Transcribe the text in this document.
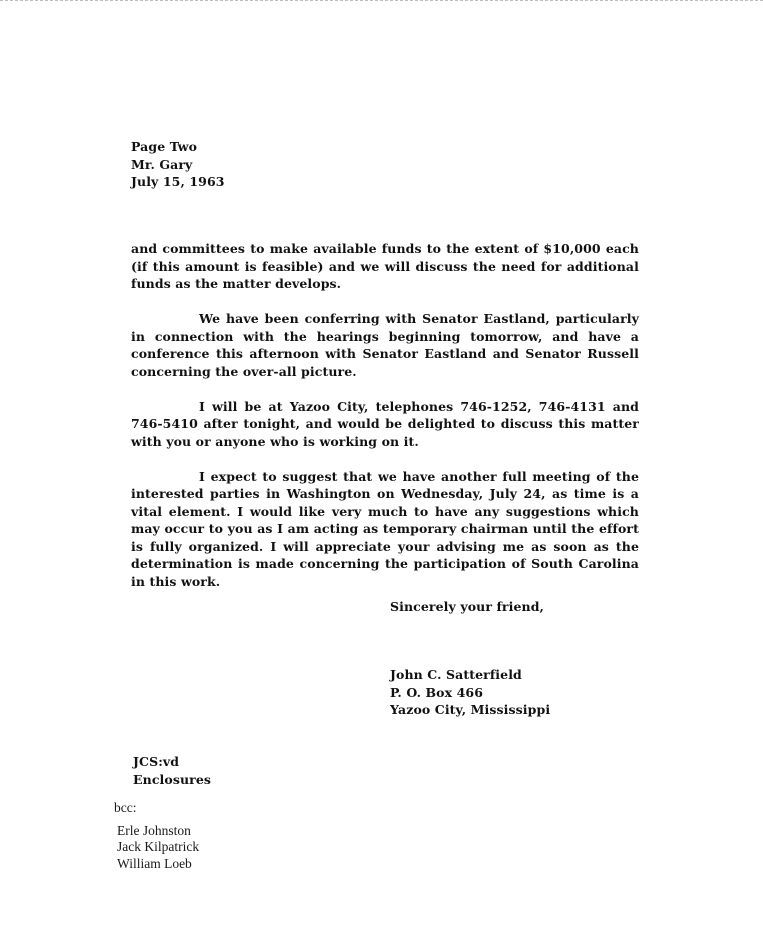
Page Two
Mr. Gary
July 15, 1963

and committees to make available funds to the extent of $10,000 each (if this amount is feasible) and we will discuss the need for additional funds as the matter develops.

We have been conferring with Senator Eastland, particularly in connection with the hearings beginning tomorrow, and have a conference this afternoon with Senator Eastland and Senator Russell concerning the over-all picture.

I will be at Yazoo City, telephones 746-1252, 746-4131 and 746-5410 after tonight, and would be delighted to discuss this matter with you or anyone who is working on it.

I expect to suggest that we have another full meeting of the interested parties in Washington on Wednesday, July 24, as time is a vital element. I would like very much to have any suggestions which may occur to you as I am acting as temporary chairman until the effort is fully organized. I will appreciate your advising me as soon as the determination is made concerning the participation of South Carolina in this work.

Sincerely your friend,
John C. Satterfield
P. O. Box 466
Yazoo City, Mississippi
JCS:vd
Enclosures
bcc:
Erle Johnston
Jack Kilpatrick
William Loeb
